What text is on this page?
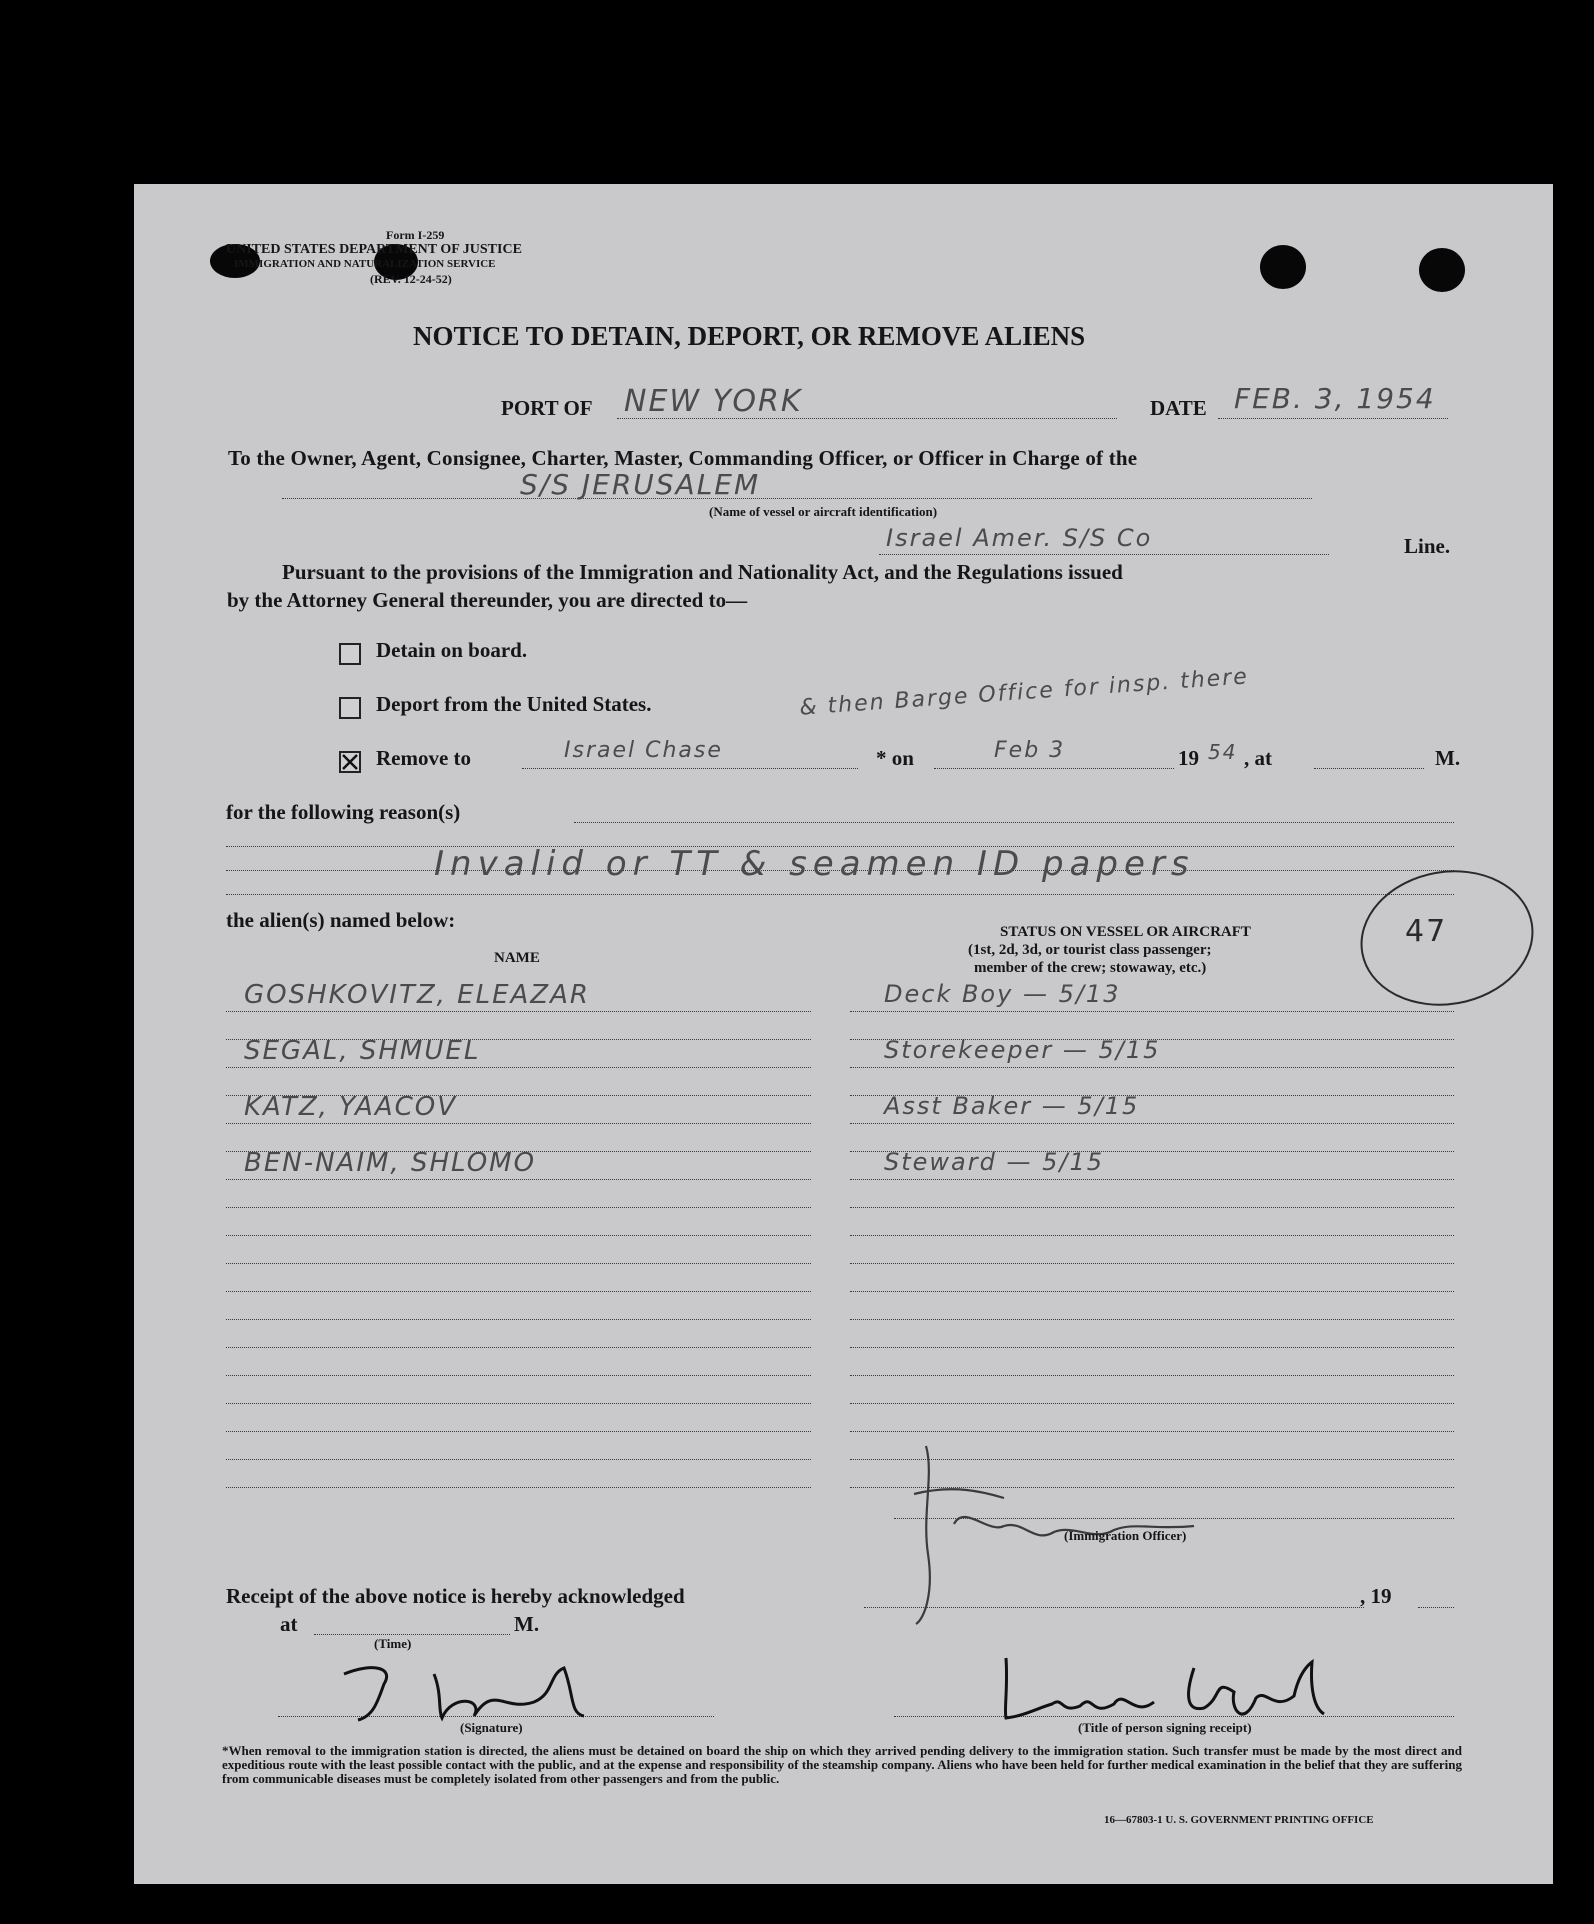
Form I-259
UNITED STATES DEPARTMENT OF JUSTICE
IMMIGRATION AND NATURALIZATION SERVICE
(REV. 12-24-52)
NOTICE TO DETAIN, DEPORT, OR REMOVE ALIENS
PORT OF NEW YORK	DATE FEB. 3, 1954
To the Owner, Agent, Consignee, Charter, Master, Commanding Officer, or Officer in Charge of the
S/S JERUSALEM
(Name of vessel or aircraft identification)
Israel Amer. S/S Co	Line.
Pursuant to the provisions of the Immigration and Nationality Act, and the Regulations issued
by the Attorney General thereunder, you are directed to—
Detain on board.
Deport from the United States.	& then Barge Office for insp. there
Remove to	Israel Chase	* on	Feb 3	19 54 , at	M.
for the following reason(s)
Invalid or TT & seamen ID papers
the alien(s) named below:
NAME
STATUS ON VESSEL OR AIRCRAFT
(1st, 2d, 3d, or tourist class passenger;
member of the crew; stowaway, etc.)
47
GOSHKOVITZ, ELEAZAR	Deck Boy — 5/13
SEGAL, SHMUEL	Storekeeper — 5/15
KATZ, YAACOV	Asst Baker — 5/15
BEN-NAIM, SHLOMO	Steward — 5/15
(Immigration Officer)
Receipt of the above notice is hereby acknowledged	, 19
at	M.
(Time)
(Signature)	(Title of person signing receipt)
*When removal to the immigration station is directed, the aliens must be detained on board the ship on which they arrived pending delivery to the immigration station. Such transfer must be made by the most direct and expeditious route with the least possible contact with the public, and at the expense and responsibility of the steamship company. Aliens who have been held for further medical examination in the belief that they are suffering from communicable diseases must be completely isolated from other passengers and from the public.
16—67803-1 U. S. GOVERNMENT PRINTING OFFICE
